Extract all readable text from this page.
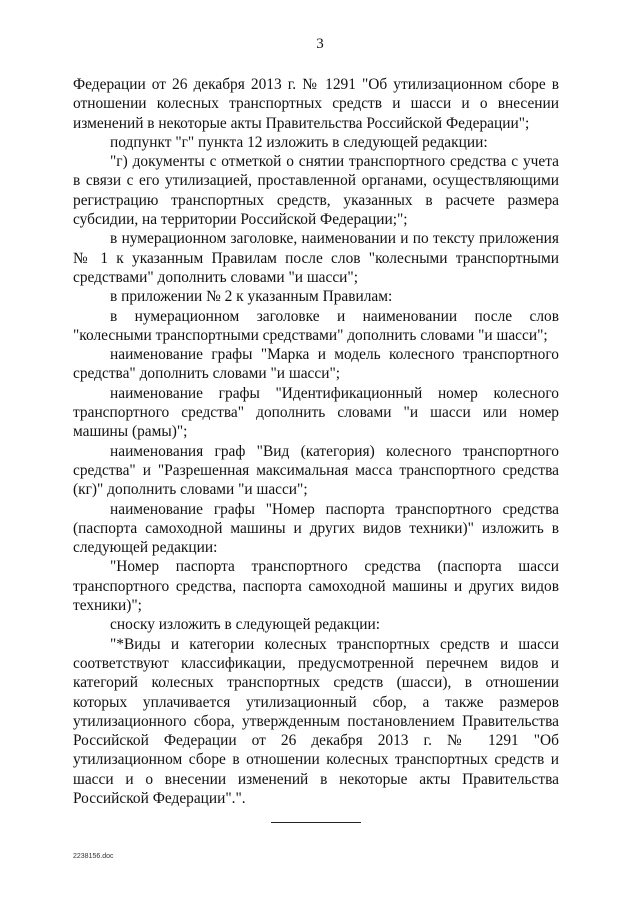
3

Федерации от 26 декабря 2013 г. № 1291 "Об утилизационном сборе в отношении колесных транспортных средств и шасси и о внесении изменений в некоторые акты Правительства Российской Федерации";

подпункт "г" пункта 12 изложить в следующей редакции:

"г) документы с отметкой о снятии транспортного средства с учета в связи с его утилизацией, проставленной органами, осуществляющими регистрацию транспортных средств, указанных в расчете размера субсидии, на территории Российской Федерации;";

в нумерационном заголовке, наименовании и по тексту приложения № 1 к указанным Правилам после слов "колесными транспортными средствами" дополнить словами "и шасси";

в приложении № 2 к указанным Правилам:

в нумерационном заголовке и наименовании после слов "колесными транспортными средствами" дополнить словами "и шасси";

наименование графы "Марка и модель колесного транспортного средства" дополнить словами "и шасси";

наименование графы "Идентификационный номер колесного транспортного средства" дополнить словами "и шасси или номер машины (рамы)";

наименования граф "Вид (категория) колесного транспортного средства" и "Разрешенная максимальная масса транспортного средства (кг)" дополнить словами "и шасси";

наименование графы "Номер паспорта транспортного средства (паспорта самоходной машины и других видов техники)" изложить в следующей редакции:

"Номер паспорта транспортного средства (паспорта шасси транспортного средства, паспорта самоходной машины и других видов техники)";

сноску изложить в следующей редакции:

"*Виды и категории колесных транспортных средств и шасси соответствуют классификации, предусмотренной перечнем видов и категорий колесных транспортных средств (шасси), в отношении которых уплачивается утилизационный сбор, а также размеров утилизационного сбора, утвержденным постановлением Правительства Российской Федерации от 26 декабря 2013 г. № 1291 "Об утилизационном сборе в отношении колесных транспортных средств и шасси и о внесении изменений в некоторые акты Правительства Российской Федерации".".

2238156.doc
